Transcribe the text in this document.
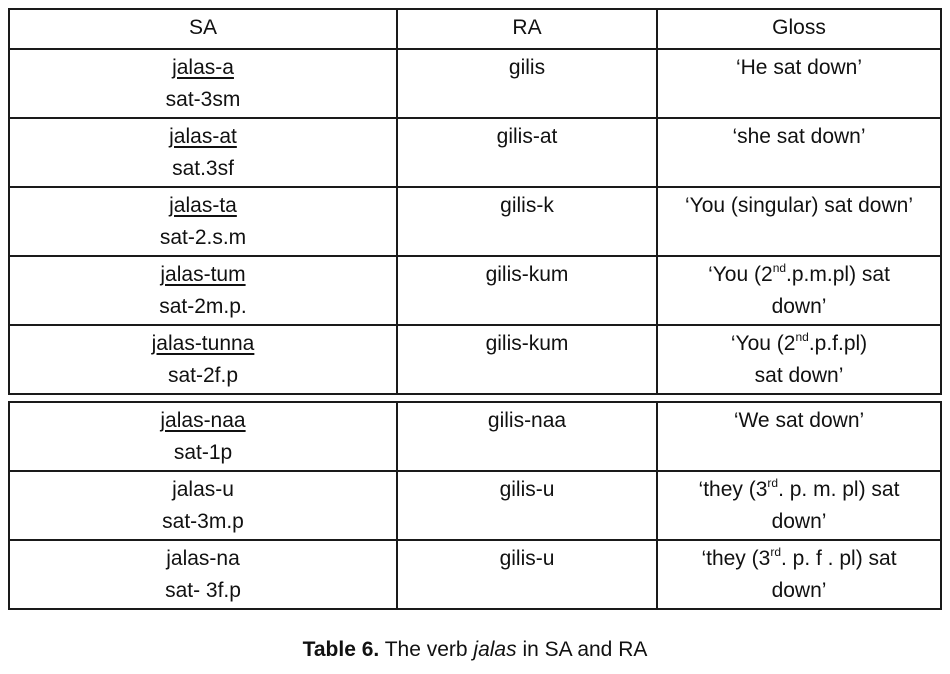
SA	RA	Gloss

jalas-a
sat-3sm	gilis	‘He sat down’

jalas-at
sat.3sf	gilis-at	‘she sat down’

jalas-ta
sat-2.s.m	gilis-k	‘You (singular) sat down’

jalas-tum
sat-2m.p.	gilis-kum	‘You (2nd.p.m.pl) sat
down’

jalas-tunna
sat-2f.p	gilis-kum	‘You (2nd.p.f.pl)
sat down’

jalas-naa
sat-1p	gilis-naa	‘We sat down’

jalas-u
sat-3m.p	gilis-u	‘they (3rd. p. m. pl) sat
down’

jalas-na
sat- 3f.p	gilis-u	‘they (3rd. p. f . pl) sat
down’
Table 6. The verb jalas in SA and RA
